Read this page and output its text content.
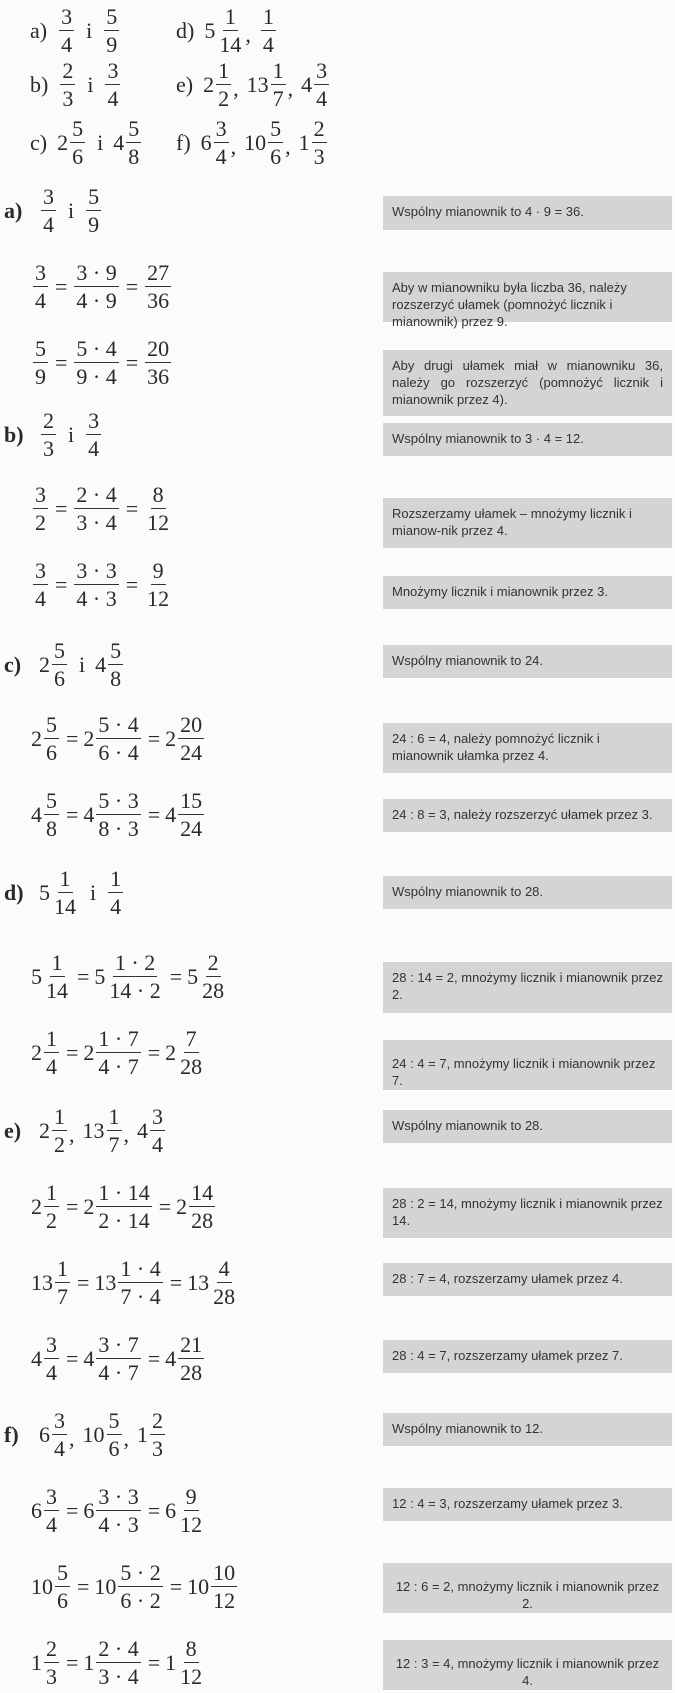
$a) \frac{3}{4}$ i $\frac{5}{9}$
$b) \frac{2}{3}$ i $\frac{3}{4}$
c) $2 \frac{5}{6}$ i $4 \frac{5}{8}$
d) $5 \frac{1}{14}$ , $\frac{1}{4}$
e) $2 \frac{1}{2}$ , $13 \frac{1}{7}$ , $4 \frac{3}{4}$
f) $6 \frac{3}{4}$ , $10 \frac{5}{6}$ , $1 \frac{2}{3}$
$a) \frac{3}{4}$ i $\frac{5}{9}$	Wspólny mianownik to 4 · 9 = 36.
$\frac{3}{4} = \frac{3 \cdot 9}{4 \cdot 9} = \frac{27}{36}$	Aby w mianowniku była liczba 36, należy rozszerzyć ułamek (pomnożyć licznik i mianownik) przez 9.
$\frac{5}{9} = \frac{5 \cdot 4}{9 \cdot 4} = \frac{20}{36}$	Aby drugi ułamek miał w mianowniku 36, należy go rozszerzyć (pomnożyć licznik i mianownik przez 4).
$b) \frac{2}{3}$ i $\frac{3}{4}$	Wspólny mianownik to 3 · 4 = 12.
$\frac{3}{2} = \frac{2 \cdot 4}{3 \cdot 4} = \frac{8}{12}$	Rozszerzamy ułamek – mnożymy licznik i mianow-nik przez 4.
$\frac{3}{4} = \frac{3 \cdot 3}{4 \cdot 3} = \frac{9}{12}$	Mnożymy licznik i mianownik przez 3.
c) $2 \frac{5}{6}$ i $4 \frac{5}{8}$	Wspólny mianownik to 24.
$2 \frac{5}{6} = 2 \frac{5 \cdot 4}{6 \cdot 4} = 2 \frac{20}{24}$	24 : 6 = 4, należy pomnożyć licznik i mianownik ułamka przez 4.
$4 \frac{5}{8} = 4 \frac{5 \cdot 3}{8 \cdot 3} = 4 \frac{15}{24}$	24 : 8 = 3, należy rozszerzyć ułamek przez 3.
d) $5 \frac{1}{14}$ i $\frac{1}{4}$	Wspólny mianownik to 28.
$5 \frac{1}{14} = 5 \frac{1 \cdot 2}{14 \cdot 2} = 5 \frac{2}{28}$	28 : 14 = 2, mnożymy licznik i mianownik przez 2.
$2 \frac{1}{4} = 2 \frac{1 \cdot 7}{4 \cdot 7} = 2 \frac{7}{28}$	24 : 4 = 7, mnożymy licznik i mianownik przez 7.
e) $2 \frac{1}{2}$ , $13 \frac{1}{7}$ , $4 \frac{3}{4}$	Wspólny mianownik to 28.
$2 \frac{1}{2} = 2 \frac{1 \cdot 14}{2 \cdot 14} = 2 \frac{14}{28}$	28 : 2 = 14, mnożymy licznik i mianownik przez 14.
$13 \frac{1}{7} = 13 \frac{1 \cdot 4}{7 \cdot 4} = 13 \frac{4}{28}$	28 : 7 = 4, rozszerzamy ułamek przez 4.
$4 \frac{3}{4} = 4 \frac{3 \cdot 7}{4 \cdot 7} = 4 \frac{21}{28}$	28 : 4 = 7, rozszerzamy ułamek przez 7.
f) $6 \frac{3}{4}$ , $10 \frac{5}{6}$ , $1 \frac{2}{3}$	Wspólny mianownik to 12.
$6 \frac{3}{4} = 6 \frac{3 \cdot 3}{4 \cdot 3} = 6 \frac{9}{12}$	12 : 4 = 3, rozszerzamy ułamek przez 3.
$10 \frac{5}{6} = 10 \frac{5 \cdot 2}{6 \cdot 2} = 10 \frac{10}{12}$	12 : 6 = 2, mnożymy licznik i mianownik przez 2.
$1 \frac{2}{3} = 1 \frac{2 \cdot 4}{3 \cdot 4} = 1 \frac{8}{12}$	12 : 3 = 4, mnożymy licznik i mianownik przez 4.
